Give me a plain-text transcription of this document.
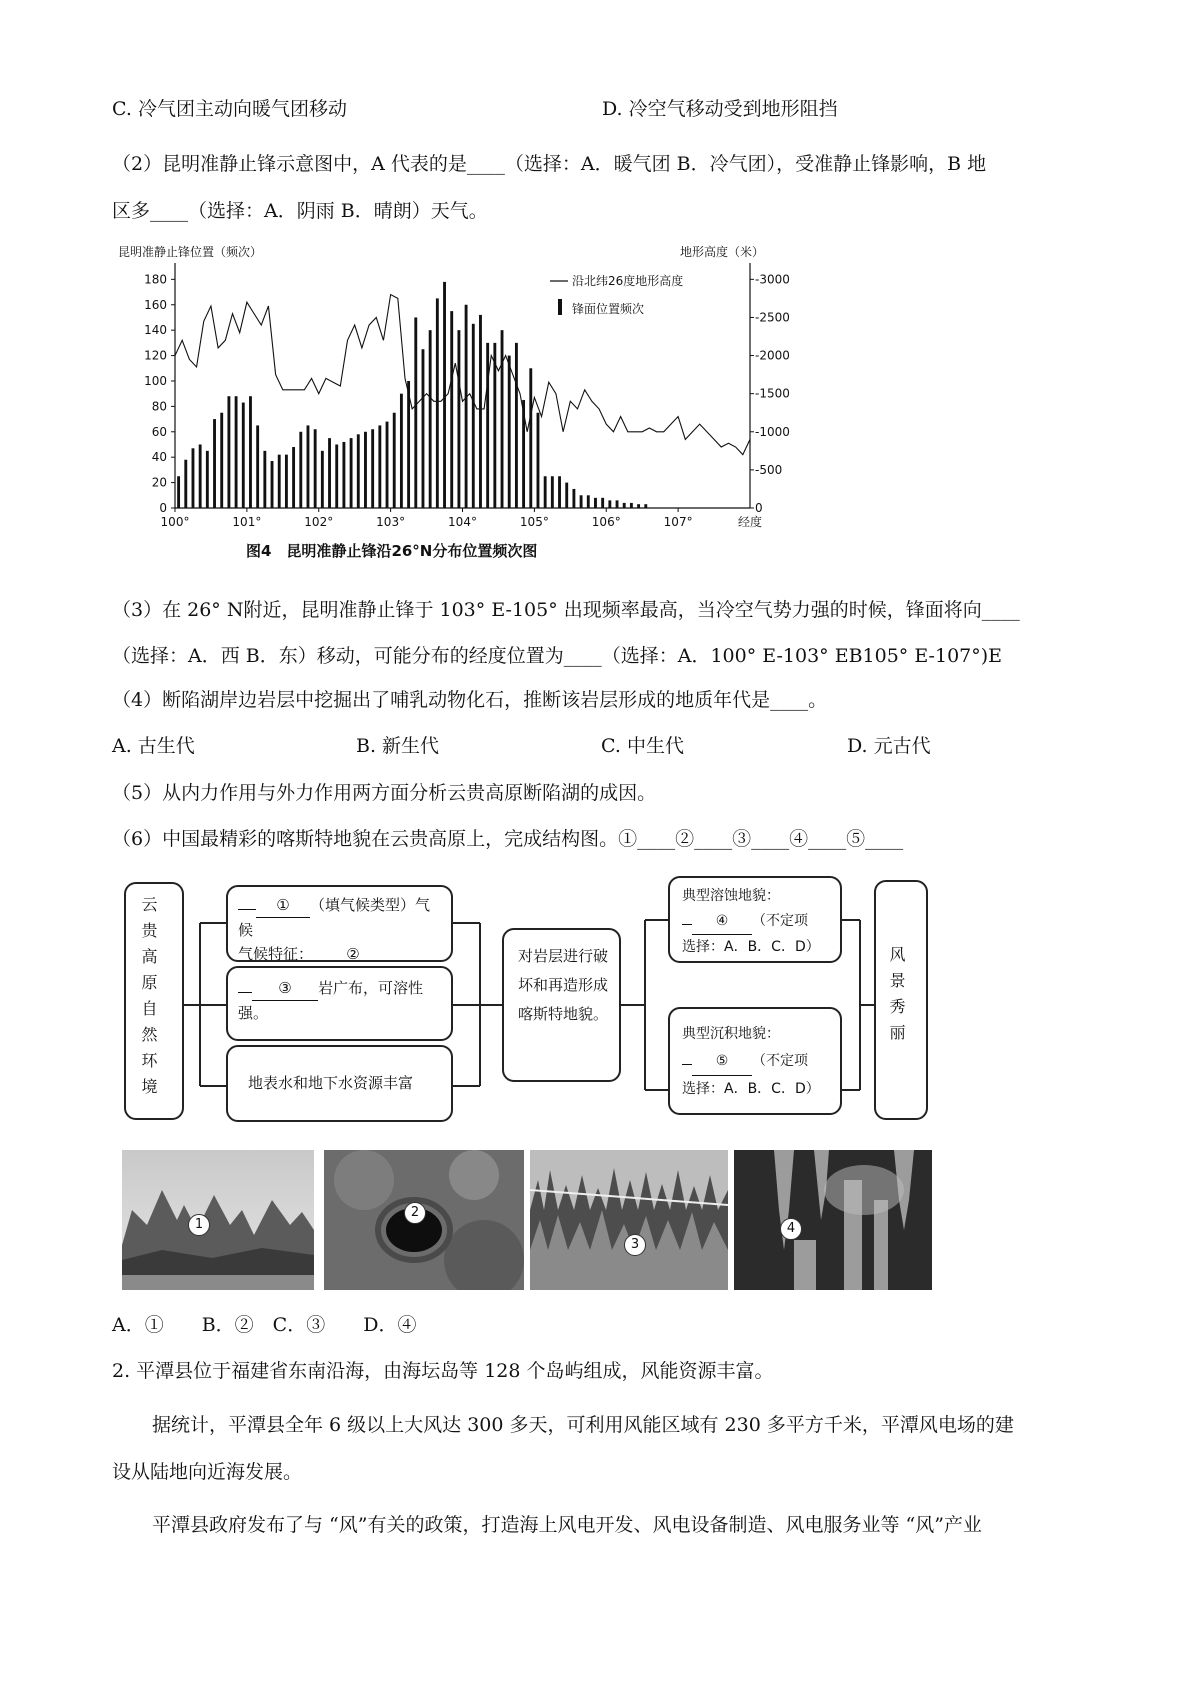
C. 冷气团主动向暖气团移动	D. 冷空气移动受到地形阻挡
（2）昆明准静止锋示意图中，A 代表的是____（选择：A．暖气团 B．冷气团），受准静止锋影响，B 地
区多____（选择：A．阴雨 B．晴朗）天气。
昆明准静止锋位置（频次）	地形高度（米）
0
20
40
60
80
100
120
140
160
180
0
-500
-1000
-1500
-2000
-2500
-3000
100°	101°	102°	103°	104°	105°	106°	107°	经度
沿北纬26度地形高度
锋面位置频次
图4　昆明准静止锋沿26°N分布位置频次图
（3）在 26° N附近，昆明准静止锋于 103° E-105° 出现频率最高，当冷空气势力强的时候，锋面将向____
（选择：A．西 B．东）移动，可能分布的经度位置为____（选择：A．100° E-103° EB105° E-107°)E
（4）断陷湖岸边岩层中挖掘出了哺乳动物化石，推断该岩层形成的地质年代是____。
A. 古生代	B. 新生代	C. 中生代	D. 元古代
（5）从内力作用与外力作用两方面分析云贵高原断陷湖的成因。
（6）中国最精彩的喀斯特地貌在云贵高原上，完成结构图。①____②____③____④____⑤____
云贵高原自然环境	① （填气候类型）气候
气候特征： ②
③ 岩广布，可溶性
强。
地表水和地下水资源丰富
对岩层进行破坏和再造形成喀斯特地貌。
典型溶蚀地貌：
④ （不定项
选择：A．B．C．D）
典型沉积地貌：
⑤ （不定项
选择：A．B．C．D）
风景秀丽
1
2
3
4
A．①　　B．②　C．③　　D．④
2. 平潭县位于福建省东南沿海，由海坛岛等 128 个岛屿组成，风能资源丰富。
据统计，平潭县全年 6 级以上大风达 300 多天，可利用风能区域有 230 多平方千米，平潭风电场的建
设从陆地向近海发展。
平潭县政府发布了与 “风”有关的政策，打造海上风电开发、风电设备制造、风电服务业等 “风”产业
